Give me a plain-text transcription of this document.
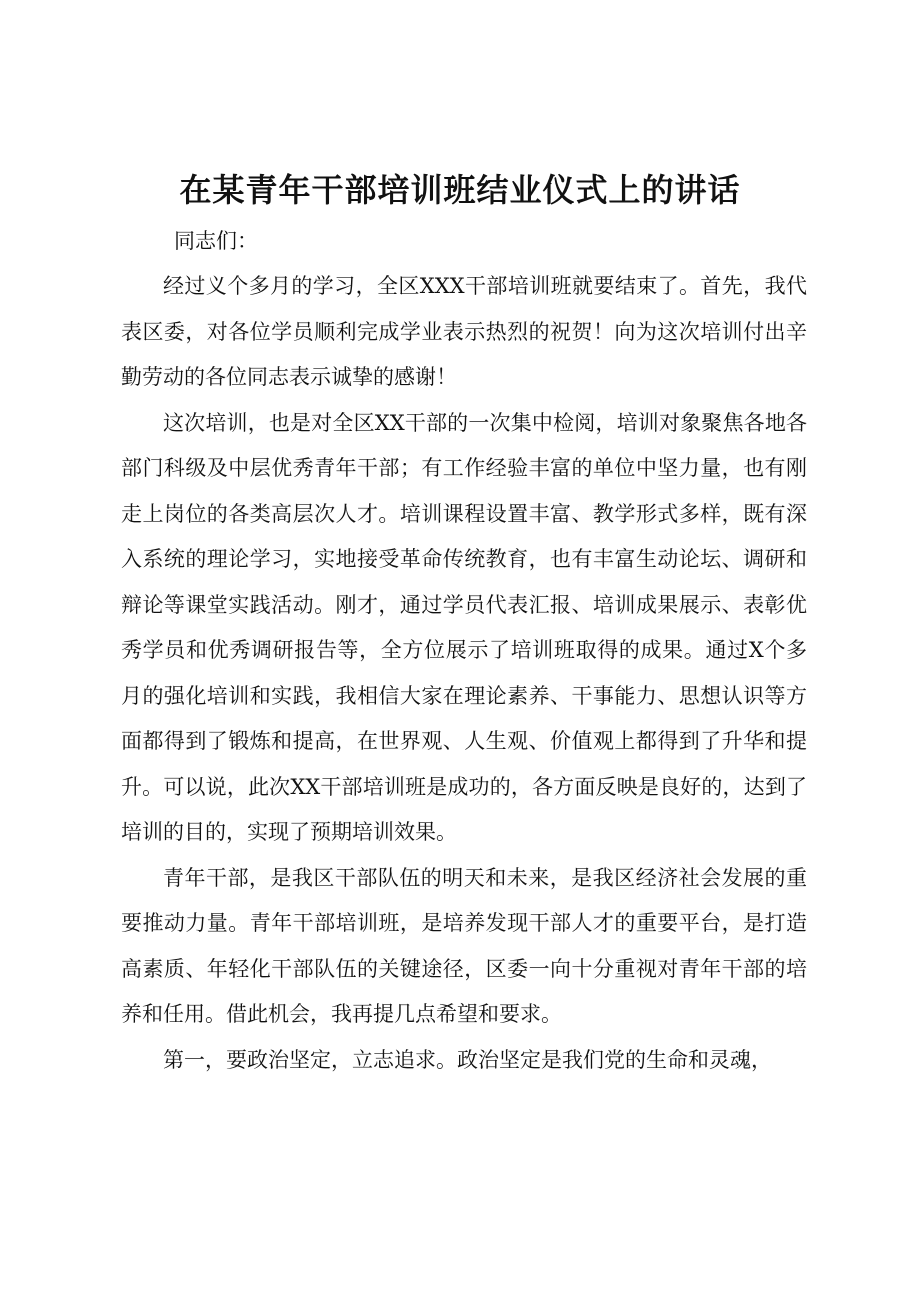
在某青年干部培训班结业仪式上的讲话

同志们：

经过义个多月的学习，全区XXX干部培训班就要结束了。首先，我代表区委，对各位学员顺利完成学业表示热烈的祝贺！向为这次培训付出辛勤劳动的各位同志表示诚挚的感谢！

这次培训，也是对全区XX干部的一次集中检阅，培训对象聚焦各地各部门科级及中层优秀青年干部；有工作经验丰富的单位中坚力量，也有刚走上岗位的各类高层次人才。培训课程设置丰富、教学形式多样，既有深入系统的理论学习，实地接受革命传统教育，也有丰富生动论坛、调研和辩论等课堂实践活动。刚才，通过学员代表汇报、培训成果展示、表彰优秀学员和优秀调研报告等，全方位展示了培训班取得的成果。通过X个多月的强化培训和实践，我相信大家在理论素养、干事能力、思想认识等方面都得到了锻炼和提高，在世界观、人生观、价值观上都得到了升华和提升。可以说，此次XX干部培训班是成功的，各方面反映是良好的，达到了培训的目的，实现了预期培训效果。

青年干部，是我区干部队伍的明天和未来，是我区经济社会发展的重要推动力量。青年干部培训班，是培养发现干部人才的重要平台，是打造高素质、年轻化干部队伍的关键途径，区委一向十分重视对青年干部的培养和任用。借此机会，我再提几点希望和要求。

第一，要政治坚定，立志追求。政治坚定是我们党的生命和灵魂，
